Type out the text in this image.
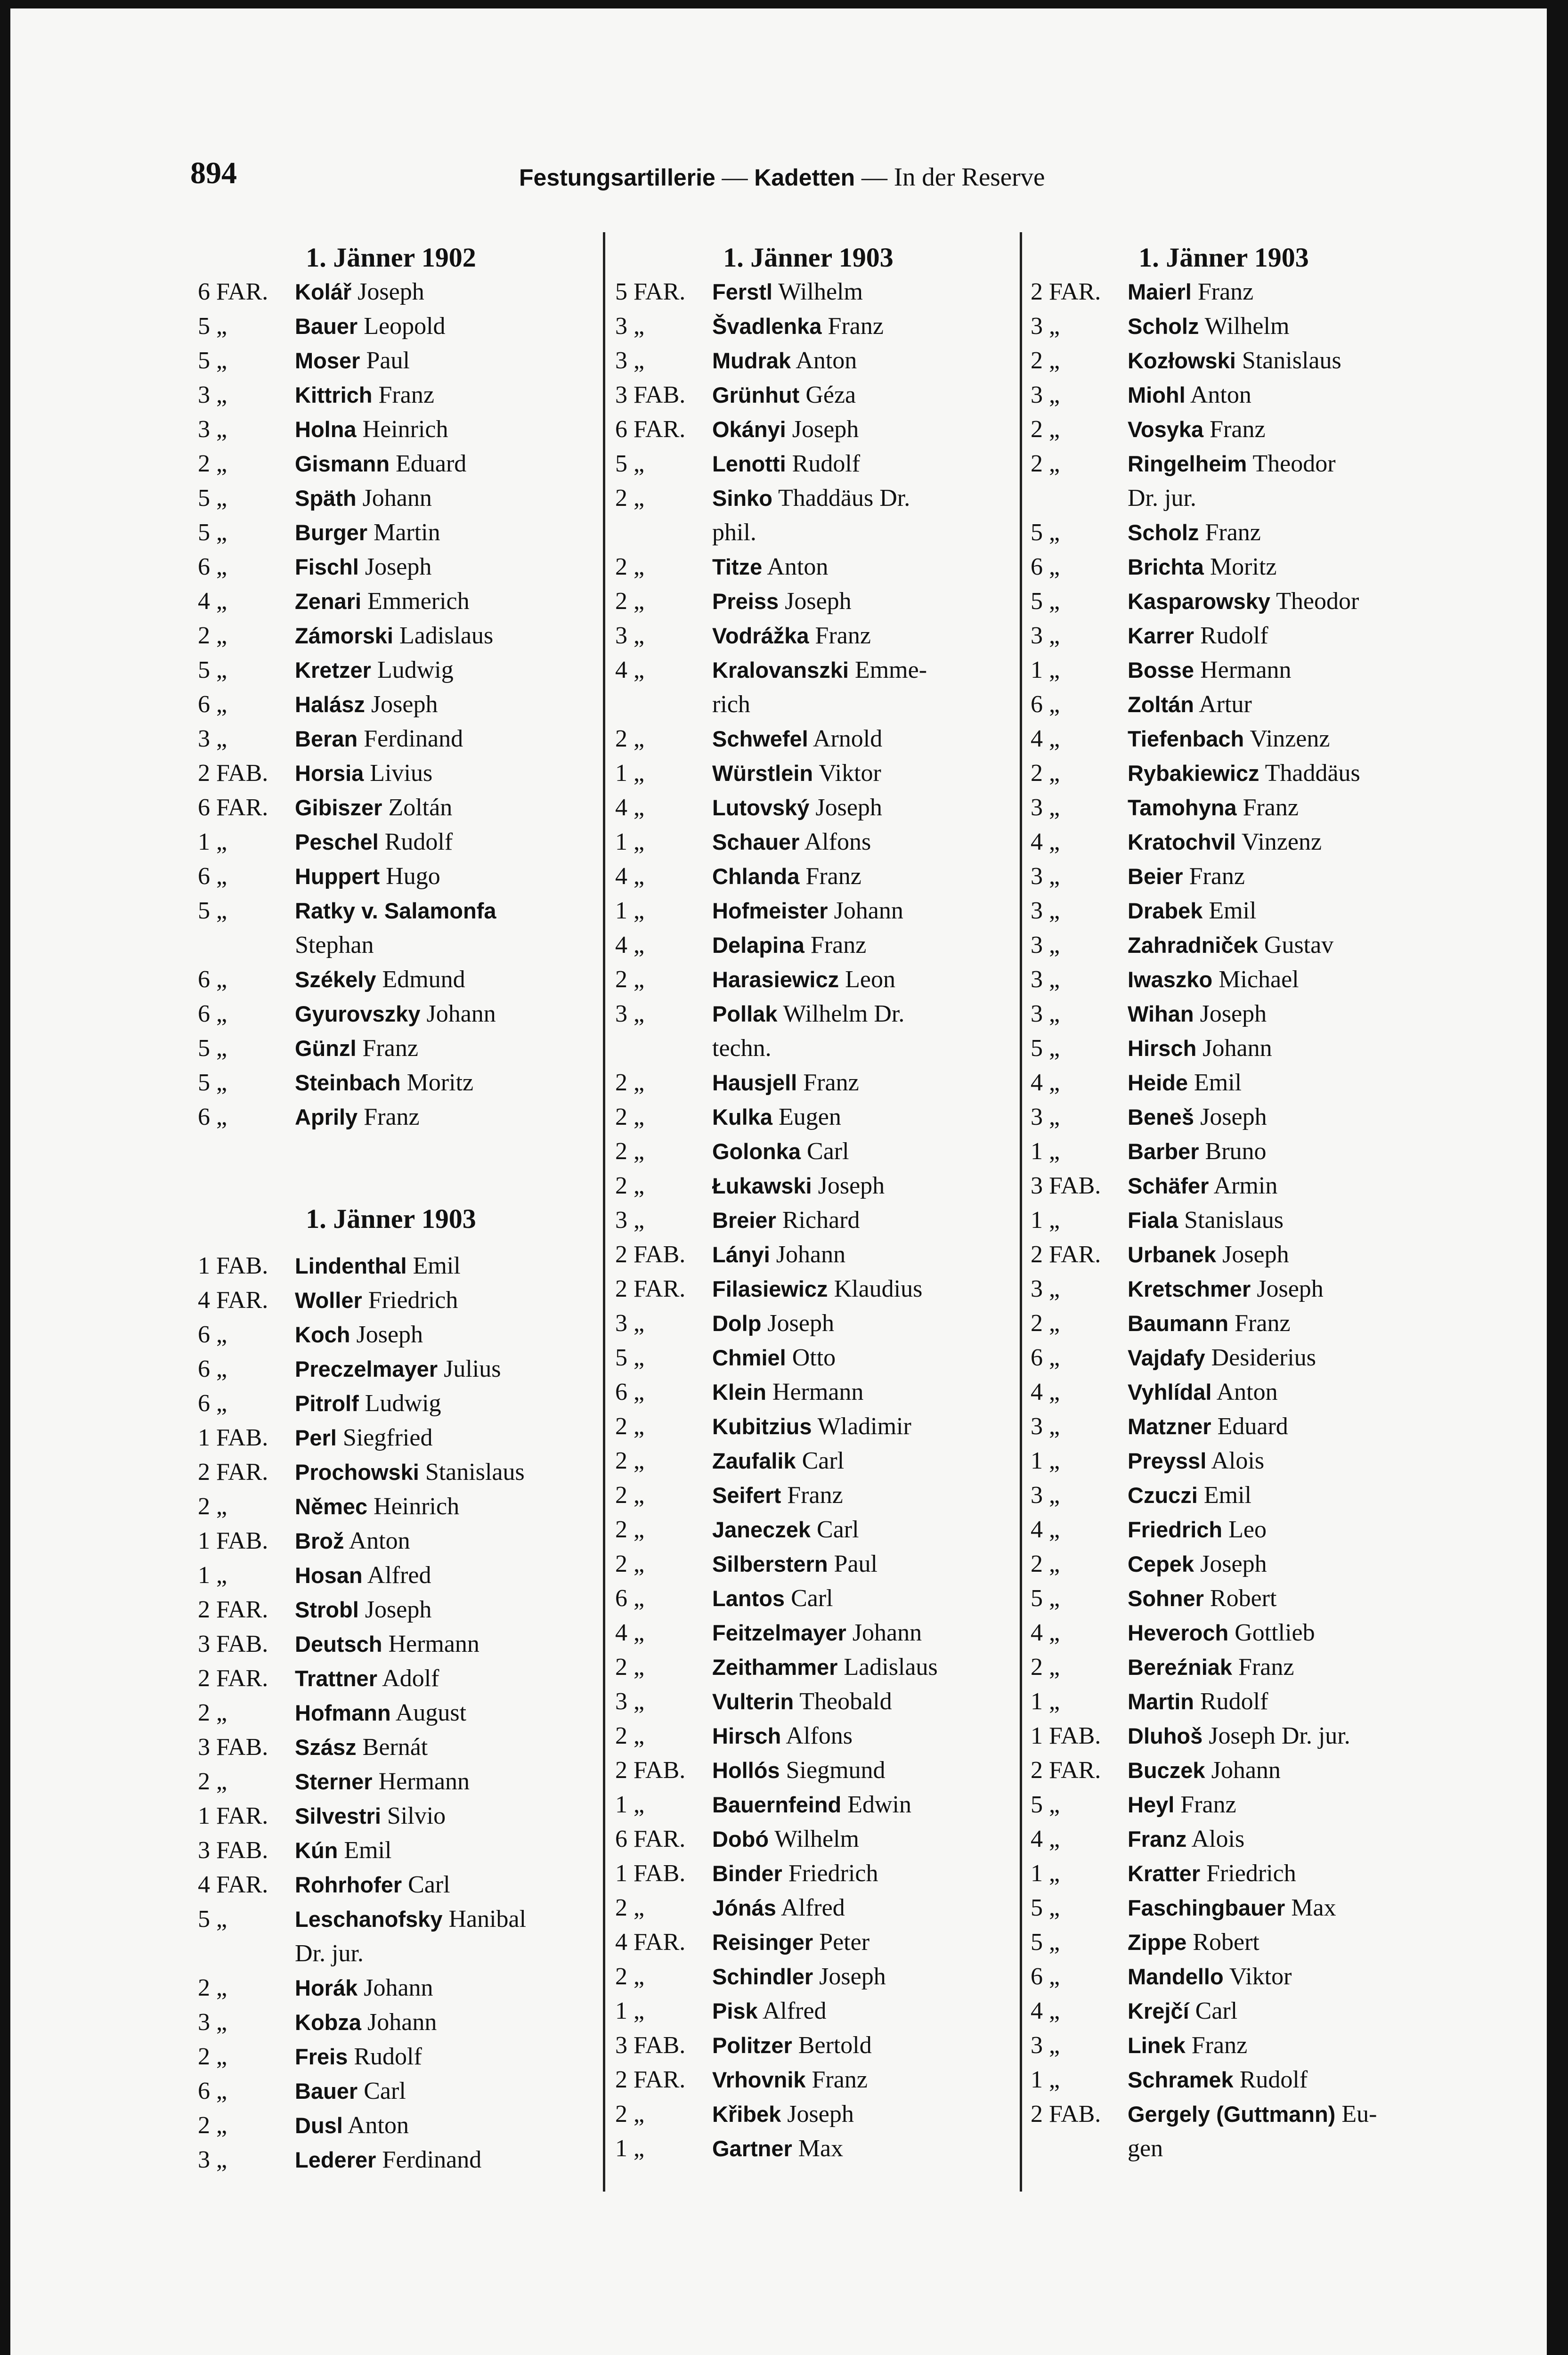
894	Festungsartillerie — Kadetten — In der Reserve
1. Jänner 1902
6 FAR. Kolář Joseph
5 „	Bauer Leopold
5 „	Moser Paul
3 „	Kittrich Franz
3 „	Holna Heinrich
2 „	Gismann Eduard
5 „	Späth Johann
5 „	Burger Martin
6 „	Fischl Joseph
4 „	Zenari Emmerich
2 „	Zámorski Ladislaus
5 „	Kretzer Ludwig
6 „	Halász Joseph
3 „	Beran Ferdinand
2 FAB. Horsia Livius
6 FAR. Gibiszer Zoltán
1 „	Peschel Rudolf
6 „	Huppert Hugo
5 „	Ratky v. Salamonfa
Stephan
6 „	Székely Edmund
6 „	Gyurovszky Johann
5 „	Günzl Franz
5 „	Steinbach Moritz
6 „	Aprily Franz
1. Jänner 1903
1 FAB. Lindenthal Emil
4 FAR. Woller Friedrich
6 „	Koch Joseph
6 „	Preczelmayer Julius
6 „	Pitrolf Ludwig
1 FAB. Perl Siegfried
2 FAR. Prochowski Stanislaus
2 „	Němec Heinrich
1 FAB. Brož Anton
1 „	Hosan Alfred
2 FAR. Strobl Joseph
3 FAB. Deutsch Hermann
2 FAR. Trattner Adolf
2 „	Hofmann August
3 FAB. Szász Bernát
2 „	Sterner Hermann
1 FAR. Silvestri Silvio
3 FAB. Kún Emil
4 FAR. Rohrhofer Carl
5 „	Leschanofsky Hanibal
Dr. jur.
2 „	Horák Johann
3 „	Kobza Johann
2 „	Freis Rudolf
6 „	Bauer Carl
2 „	Dusl Anton
3 „	Lederer Ferdinand
1. Jänner 1903
5 FAR. Ferstl Wilhelm
3 „	Švadlenka Franz
3 „	Mudrak Anton
3 FAB. Grünhut Géza
6 FAR. Okányi Joseph
5 „	Lenotti Rudolf
2 „	Sinko Thaddäus Dr.
phil.
2 „	Titze Anton
2 „	Preiss Joseph
3 „	Vodrážka Franz
4 „	Kralovanszki Emme-
rich
2 „	Schwefel Arnold
1 „	Würstlein Viktor
4 „	Lutovský Joseph
1 „	Schauer Alfons
4 „	Chlanda Franz
1 „	Hofmeister Johann
4 „	Delapina Franz
2 „	Harasiewicz Leon
3 „	Pollak Wilhelm Dr.
techn.
2 „	Hausjell Franz
2 „	Kulka Eugen
2 „	Golonka Carl
2 „	Łukawski Joseph
3 „	Breier Richard
2 FAB. Lányi Johann
2 FAR. Filasiewicz Klaudius
3 „	Dolp Joseph
5 „	Chmiel Otto
6 „	Klein Hermann
2 „	Kubitzius Wladimir
2 „	Zaufalik Carl
2 „	Seifert Franz
2 „	Janeczek Carl
2 „	Silberstern Paul
6 „	Lantos Carl
4 „	Feitzelmayer Johann
2 „	Zeithammer Ladislaus
3 „	Vulterin Theobald
2 „	Hirsch Alfons
2 FAB. Hollós Siegmund
1 „	Bauernfeind Edwin
6 FAR. Dobó Wilhelm
1 FAB. Binder Friedrich
2 „	Jónás Alfred
4 FAR. Reisinger Peter
2 „	Schindler Joseph
1 „	Pisk Alfred
3 FAB. Politzer Bertold
2 FAR. Vrhovnik Franz
2 „	Křibek Joseph
1 „	Gartner Max
1. Jänner 1903
2 FAR. Maierl Franz
3 „	Scholz Wilhelm
2 „	Kozłowski Stanislaus
3 „	Miohl Anton
2 „	Vosyka Franz
2 „	Ringelheim Theodor
Dr. jur.
5 „	Scholz Franz
6 „	Brichta Moritz
5 „	Kasparowsky Theodor
3 „	Karrer Rudolf
1 „	Bosse Hermann
6 „	Zoltán Artur
4 „	Tiefenbach Vinzenz
2 „	Rybakiewicz Thaddäus
3 „	Tamohyna Franz
4 „	Kratochvil Vinzenz
3 „	Beier Franz
3 „	Drabek Emil
3 „	Zahradniček Gustav
3 „	Iwaszko Michael
3 „	Wihan Joseph
5 „	Hirsch Johann
4 „	Heide Emil
3 „	Beneš Joseph
1 „	Barber Bruno
3 FAB. Schäfer Armin
1 „	Fiala Stanislaus
2 FAR. Urbanek Joseph
3 „	Kretschmer Joseph
2 „	Baumann Franz
6 „	Vajdafy Desiderius
4 „	Vyhlídal Anton
3 „	Matzner Eduard
1 „	Preyssl Alois
3 „	Czuczi Emil
4 „	Friedrich Leo
2 „	Cepek Joseph
5 „	Sohner Robert
4 „	Heveroch Gottlieb
2 „	Bereźniak Franz
1 „	Martin Rudolf
1 FAB. Dluhoš Joseph Dr. jur.
2 FAR. Buczek Johann
5 „	Heyl Franz
4 „	Franz Alois
1 „	Kratter Friedrich
5 „	Faschingbauer Max
5 „	Zippe Robert
6 „	Mandello Viktor
4 „	Krejčí Carl
3 „	Linek Franz
1 „	Schramek Rudolf
2 FAB. Gergely (Guttmann) Eu-
gen
